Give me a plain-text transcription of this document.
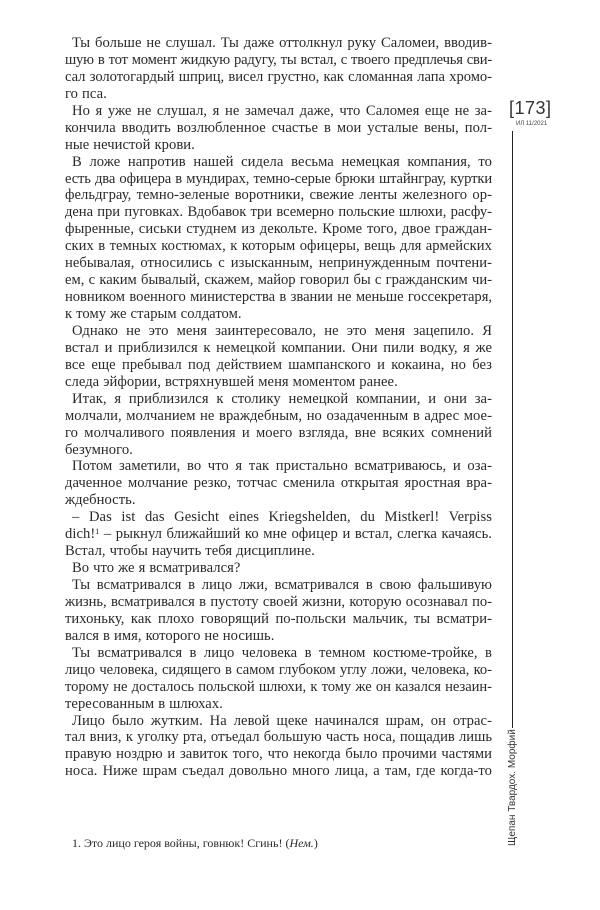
Ты больше не слушал. Ты даже оттолкнул руку Саломеи, вводив-
шую в тот момент жидкую радугу, ты встал, с твоего предплечья сви-
сал золотогардый шприц, висел грустно, как сломанная лапа хромо-
го пса.
Но я уже не слушал, я не замечал даже, что Саломея еще не за-
кончила вводить возлюбленное счастье в мои усталые вены, пол-
ные нечистой крови.
В ложе напротив нашей сидела весьма немецкая компания, то
есть два офицера в мундирах, темно-серые брюки штайнграу, куртки
фельдграу, темно-зеленые воротники, свежие ленты железного ор-
дена при пуговках. Вдобавок три всемерно польские шлюхи, расфу-
фыренные, сиськи студнем из декольте. Кроме того, двое граждан-
ских в темных костюмах, к которым офицеры, вещь для армейских
небывалая, относились с изысканным, непринужденным почтени-
ем, с каким бывалый, скажем, майор говорил бы с гражданским чи-
новником военного министерства в звании не меньше госсекретаря,
к тому же старым солдатом.
Однако не это меня заинтересовало, не это меня зацепило. Я
встал и приблизился к немецкой компании. Они пили водку, я же
все еще пребывал под действием шампанского и кокаина, но без
следа эйфории, встряхнувшей меня моментом ранее.
Итак, я приблизился к столику немецкой компании, и они за-
молчали, молчанием не враждебным, но озадаченным в адрес мое-
го молчаливого появления и моего взгляда, вне всяких сомнений
безумного.
Потом заметили, во что я так пристально всматриваюсь, и оза-
даченное молчание резко, тотчас сменила открытая яростная вра-
ждебность.
– Das ist das Gesicht eines Kriegshelden, du Mistkerl! Verpiss
dich!$^1$ – рыкнул ближайший ко мне офицер и встал, слегка качаясь.
Встал, чтобы научить тебя дисциплине.
Во что же я всматривался?
Ты всматривался в лицо лжи, всматривался в свою фальшивую
жизнь, всматривался в пустоту своей жизни, которую осознавал по-
тихоньку, как плохо говорящий по-польски мальчик, ты всматри-
вался в имя, которого не носишь.
Ты всматривался в лицо человека в темном костюме-тройке, в
лицо человека, сидящего в самом глубоком углу ложи, человека, ко-
торому не досталось польской шлюхи, к тому же он казался незаин-
тересованным в шлюхах.
Лицо было жутким. На левой щеке начинался шрам, он отрас-
тал вниз, к уголку рта, отъедал большую часть носа, пощадив лишь
правую ноздрю и завиток того, что некогда было прочими частями
носа. Ниже шрам съедал довольно много лица, а там, где когда-то
1. Это лицо героя войны, говнюк! Сгинь! (Нем.)
[173]
ИЛ 11/2021
Щепан Твардох. Морфий
